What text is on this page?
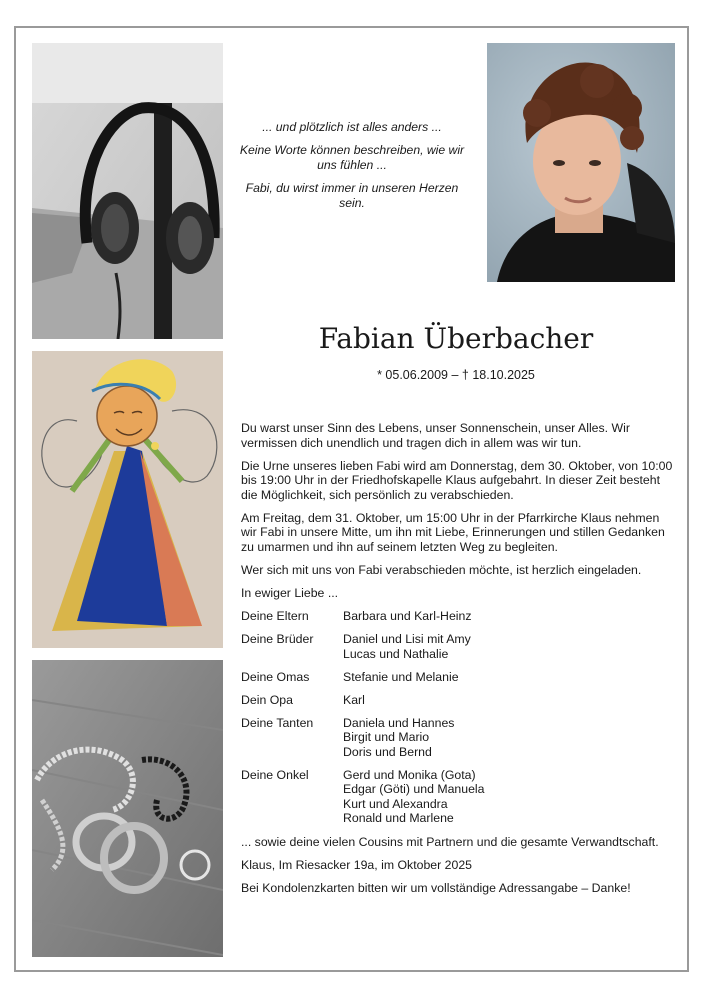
... und plötzlich ist alles anders ...

Keine Worte können beschreiben, wie wir uns fühlen ...

Fabi, du wirst immer in unseren Herzen sein.

Fabian Überbacher
* 05.06.2009 – † 18.10.2025

Du warst unser Sinn des Lebens, unser Sonnenschein, unser Alles. Wir vermissen dich unendlich und tragen dich in allem was wir tun.

Die Urne unseres lieben Fabi wird am Donnerstag, dem 30. Oktober, von 10:00 bis 19:00 Uhr in der Friedhofskapelle Klaus aufgebahrt. In dieser Zeit besteht die Möglichkeit, sich persönlich zu verabschieden.

Am Freitag, dem 31. Oktober, um 15:00 Uhr in der Pfarrkirche Klaus nehmen wir Fabi in unsere Mitte, um ihn mit Liebe, Erinnerungen und stillen Gedanken zu umarmen und ihn auf seinem letzten Weg zu begleiten.

Wer sich mit uns von Fabi verabschieden möchte, ist herzlich eingeladen.

In ewiger Liebe ...

Deine Eltern	Barbara und Karl-Heinz
Deine Brüder	Daniel und Lisi mit Amy
Lucas und Nathalie
Deine Omas	Stefanie und Melanie
Dein Opa	Karl
Deine Tanten	Daniela und Hannes
Birgit und Mario
Doris und Bernd
Deine Onkel	Gerd und Monika (Gota)
Edgar (Göti) und Manuela
Kurt und Alexandra
Ronald und Marlene

... sowie deine vielen Cousins mit Partnern und die gesamte Verwandtschaft.

Klaus, Im Riesacker 19a, im Oktober 2025

Bei Kondolenzkarten bitten wir um vollständige Adressangabe – Danke!
